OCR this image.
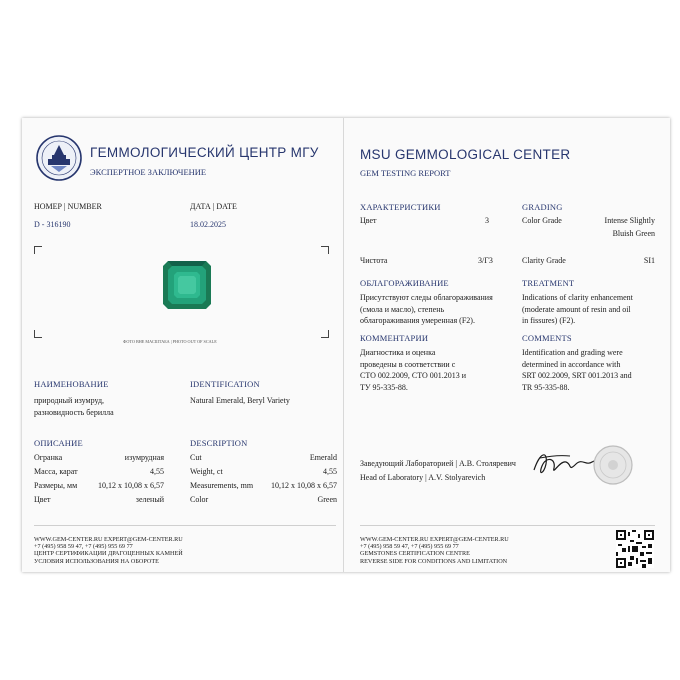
ГЕММОЛОГИЧЕСКИЙ ЦЕНТР МГУ
ЭКСПЕРТНОЕ ЗАКЛЮЧЕНИЕ
НОМЕР | NUMBER
D - 316190
ДАТА | DATE
18.02.2025
ФОТО ВНЕ МАСШТАБА | PHOTO OUT OF SCALE
НАИМЕНОВАНИЕ
природный изумруд,
разновидность берилла
IDENTIFICATION
Natural Emerald, Beryl Variety
ОПИСАНИЕ	DESCRIPTION
Огранка	изумрудная
Масса, карат	4,55
Размеры, мм	10,12 x 10,08 x 6,57
Цвет	зеленый
Cut	Emerald
Weight, ct	4,55
Measurements, mm	10,12 x 10,08 x 6,57
Color	Green
WWW.GEM-CENTER.RU EXPERT@GEM-CENTER.RU
+7 (495) 958 59 47, +7 (495) 955 69 77
ЦЕНТР СЕРТИФИКАЦИИ ДРАГОЦЕННЫХ КАМНЕЙ
УСЛОВИЯ ИСПОЛЬЗОВАНИЯ НА ОБОРОТЕ
MSU GEMMOLOGICAL CENTER
GEM TESTING REPORT
ХАРАКТЕРИСТИКИ
Цвет	3
Чистота	3/Г3
GRADING
Color Grade	Intense Slightly
Bluish Green
Clarity Grade	SI1
ОБЛАГОРАЖИВАНИЕ
Присутствуют следы облагораживания
(смола и масло), степень
облагораживания умеренная (F2).
TREATMENT
Indications of clarity enhancement
(moderate amount of resin and oil
in fissures) (F2).
КОММЕНТАРИИ
Диагностика и оценка
проведены в соответствии с
СТО 002.2009, СТО 001.2013 и
ТУ 95-335-88.
COMMENTS
Identification and grading were
determined in accordance with
SRT 002.2009, SRT 001.2013 and
TR 95-335-88.
Заведующий Лабораторией | А.В. Столяревич
Head of Laboratory | A.V. Stolyarevich
WWW.GEM-CENTER.RU EXPERT@GEM-CENTER.RU
+7 (495) 958 59 47, +7 (495) 955 69 77
GEMSTONES CERTIFICATION CENTRE
REVERSE SIDE FOR CONDITIONS AND LIMITATION
